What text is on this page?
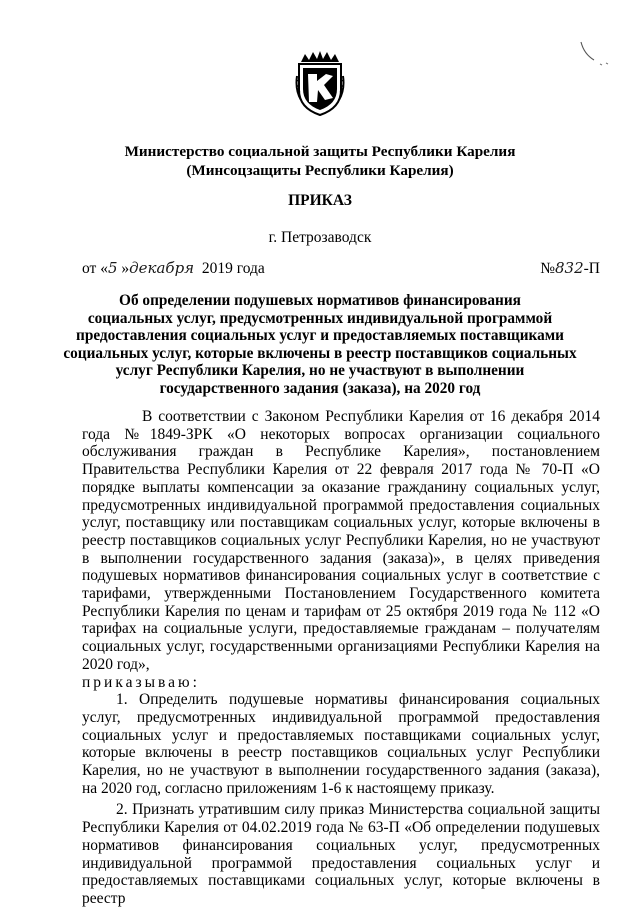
Министерство социальной защиты Республики Карелия
(Минсоцзащиты Республики Карелия)
ПРИКАЗ
г. Петрозаводск
от «5 »декабря 2019 года	№832-П
Об определении подушевых нормативов финансирования
социальных услуг, предусмотренных индивидуальной программой
предоставления социальных услуг и предоставляемых поставщиками
социальных услуг, которые включены в реестр поставщиков социальных
услуг Республики Карелия, но не участвуют в выполнении
государственного задания (заказа), на 2020 год

В соответствии с Законом Республики Карелия от 16 декабря 2014 года №1849-ЗРК «О некоторых вопросах организации социального обслуживания граждан в Республике Карелия», постановлением Правительства Республики Карелия от 22 февраля 2017 года № 70-П «О порядке выплаты компенсации за оказание гражданину социальных услуг, предусмотренных индивидуальной программой предоставления социальных услуг, поставщику или поставщикам социальных услуг, которые включены в реестр поставщиков социальных услуг Республики Карелия, но не участвуют в выполнении государственного задания (заказа)», в целях приведения подушевых нормативов финансирования социальных услуг в соответствие с тарифами, утвержденными Постановлением Государственного комитета Республики Карелия по ценам и тарифам от 25 октября 2019 года № 112 «О тарифах на социальные услуги, предоставляемые гражданам – получателям социальных услуг, государственными организациями Республики Карелия на 2020 год»,

приказываю:

1. Определить подушевые нормативы финансирования социальных услуг, предусмотренных индивидуальной программой предоставления социальных услуг и предоставляемых поставщиками социальных услуг, которые включены в реестр поставщиков социальных услуг Республики Карелия, но не участвуют в выполнении государственного задания (заказа), на 2020 год, согласно приложениям 1-6 к настоящему приказу.

2. Признать утратившим силу приказ Министерства социальной защиты Республики Карелия от 04.02.2019 года № 63-П «Об определении подушевых нормативов финансирования социальных услуг, предусмотренных индивидуальной программой предоставления социальных услуг и предоставляемых поставщиками социальных услуг, которые включены в реестр
